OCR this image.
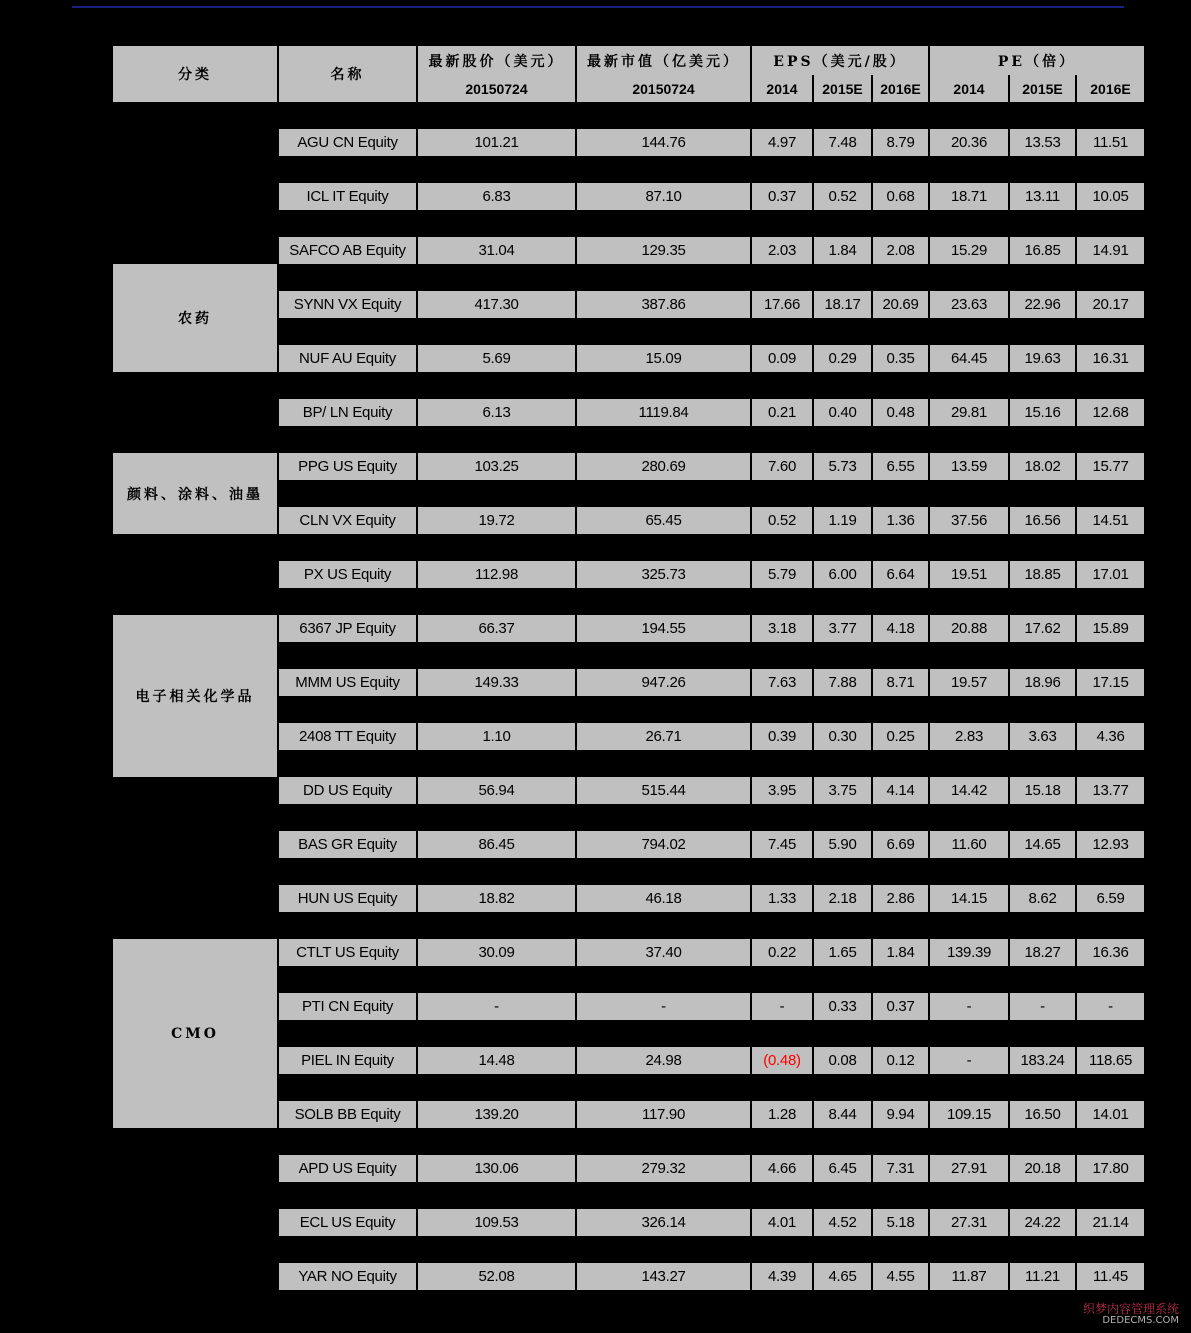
分类	名称	最新股价（美元）	最新市值（亿美元）	EPS（美元/股）			PE（倍）		
		20150724	20150724	2014	2015E	2016E	2014	2015E	2016E

	AGU CN Equity	101.21	144.76	4.97	7.48	8.79	20.36	13.53	11.51

	ICL IT Equity	6.83	87.10	0.37	0.52	0.68	18.71	13.11	10.05

	SAFCO AB Equity	31.04	129.35	2.03	1.84	2.08	15.29	16.85	14.91
农药									
	SYNN VX Equity	417.30	387.86	17.66	18.17	20.69	23.63	22.96	20.17

	NUF AU Equity	5.69	15.09	0.09	0.29	0.35	64.45	19.63	16.31

	BP/ LN Equity	6.13	1119.84	0.21	0.40	0.48	29.81	15.16	12.68

颜料、涂料、油墨	PPG US Equity	103.25	280.69	7.60	5.73	6.55	13.59	18.02	15.77

	CLN VX Equity	19.72	65.45	0.52	1.19	1.36	37.56	16.56	14.51

	PX US Equity	112.98	325.73	5.79	6.00	6.64	19.51	18.85	17.01

电子相关化学品	6367 JP Equity	66.37	194.55	3.18	3.77	4.18	20.88	17.62	15.89

	MMM US Equity	149.33	947.26	7.63	7.88	8.71	19.57	18.96	17.15

	2408 TT Equity	1.10	26.71	0.39	0.30	0.25	2.83	3.63	4.36

	DD US Equity	56.94	515.44	3.95	3.75	4.14	14.42	15.18	13.77

	BAS GR Equity	86.45	794.02	7.45	5.90	6.69	11.60	14.65	12.93

	HUN US Equity	18.82	46.18	1.33	2.18	2.86	14.15	8.62	6.59

CMO	CTLT US Equity	30.09	37.40	0.22	1.65	1.84	139.39	18.27	16.36

	PTI CN Equity	-	-	-	0.33	0.37	-	-	-

	PIEL IN Equity	14.48	24.98	(0.48)	0.08	0.12	-	183.24	118.65

	SOLB BB Equity	139.20	117.90	1.28	8.44	9.94	109.15	16.50	14.01

	APD US Equity	130.06	279.32	4.66	6.45	7.31	27.91	20.18	17.80

	ECL US Equity	109.53	326.14	4.01	4.52	5.18	27.31	24.22	21.14

	YAR NO Equity	52.08	143.27	4.39	4.65	4.55	11.87	11.21	11.45
织梦内容管理系统
DEDECMS.COM
